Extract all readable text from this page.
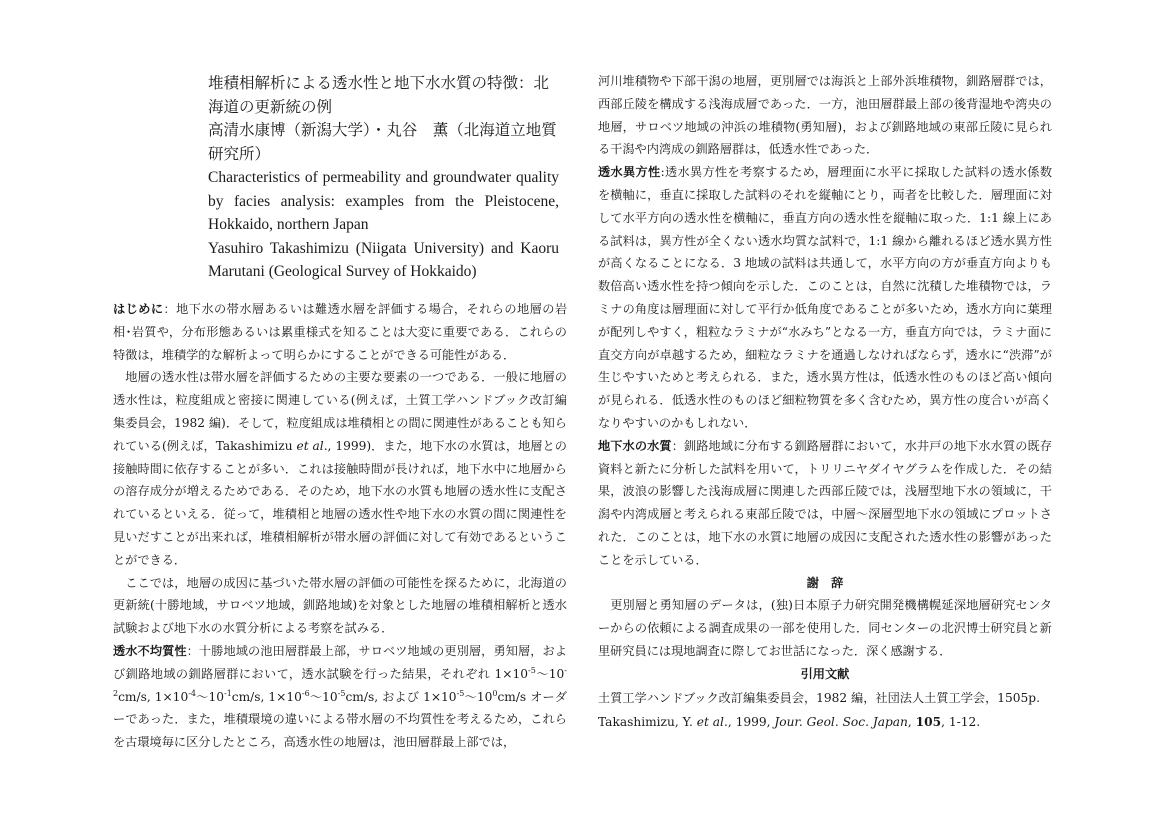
堆積相解析による透水性と地下水水質の特徴：北海道の更新統の例

高清水康博（新潟大学）・丸谷　薫（北海道立地質研究所）

Characteristics of permeability and groundwater quality by facies analysis: examples from the Pleistocene, Hokkaido, northern Japan

Yasuhiro Takashimizu (Niigata University) and Kaoru Marutani (Geological Survey of Hokkaido)

はじめに：地下水の帯水層あるいは難透水層を評価する場合，それらの地層の岩相･岩質や，分布形態あるいは累重様式を知ることは大変に重要である．これらの特徴は，堆積学的な解析よって明らかにすることができる可能性がある．

地層の透水性は帯水層を評価するための主要な要素の一つである．一般に地層の透水性は，粒度組成と密接に関連している(例えば，土質工学ハンドブック改訂編集委員会，1982 編)．そして，粒度組成は堆積相との間に関連性があることも知られている(例えば，Takashimizu et al., 1999)．また，地下水の水質は，地層との接触時間に依存することが多い．これは接触時間が長ければ，地下水中に地層からの溶存成分が増えるためである．そのため，地下水の水質も地層の透水性に支配されているといえる．従って，堆積相と地層の透水性や地下水の水質の間に関連性を見いだすことが出来れば，堆積相解析が帯水層の評価に対して有効であるということができる．

ここでは，地層の成因に基づいた帯水層の評価の可能性を探るために，北海道の更新統(十勝地域，サロベツ地域，釧路地域)を対象とした地層の堆積相解析と透水試験および地下水の水質分析による考察を試みる．

透水不均質性：十勝地域の池田層群最上部，サロベツ地域の更別層，勇知層，および釧路地域の釧路層群において，透水試験を行った結果，それぞれ $1\times 10^{-5}$〜$10^{-2}cm/s$, $1\times 10^{-4}$〜$10^{-1}cm/s$, $1\times 10^{-6}$〜$10^{-5}cm/s$, および $1\times 10^{-5}$〜$10^0cm/s$ オーダーであった．また，堆積環境の違いによる帯水層の不均質性を考えるため，これらを古環境毎に区分したところ，高透水性の地層は，池田層群最上部では，

河川堆積物や下部干潟の地層，更別層では海浜と上部外浜堆積物，釧路層群では，西部丘陵を構成する浅海成層であった．一方，池田層群最上部の後背湿地や湾央の地層，サロベツ地域の沖浜の堆積物(勇知層)，および釧路地域の東部丘陵に見られる干潟や内湾成の釧路層群は，低透水性であった．

透水異方性:透水異方性を考察するため，層理面に水平に採取した試料の透水係数を横軸に，垂直に採取した試料のそれを縦軸にとり，両者を比較した．層理面に対して水平方向の透水性を横軸に，垂直方向の透水性を縦軸に取った．1:1 線上にある試料は，異方性が全くない透水均質な試料で，1:1 線から離れるほど透水異方性が高くなることになる．3 地域の試料は共通して，水平方向の方が垂直方向よりも数倍高い透水性を持つ傾向を示した．このことは，自然に沈積した堆積物では，ラミナの角度は層理面に対して平行か低角度であることが多いため，透水方向に葉理が配列しやすく，粗粒なラミナが“水みち”となる一方，垂直方向では，ラミナ面に直交方向が卓越するため，細粒なラミナを通過しなければならず，透水に“渋滞”が生じやすいためと考えられる．また，透水異方性は，低透水性のものほど高い傾向が見られる．低透水性のものほど細粒物質を多く含むため，異方性の度合いが高くなりやすいのかもしれない．

地下水の水質：釧路地域に分布する釧路層群において，水井戸の地下水水質の既存資料と新たに分析した試料を用いて，トリリニヤダイヤグラムを作成した．その結果，波浪の影響した浅海成層に関連した西部丘陵では，浅層型地下水の領域に，干潟や内湾成層と考えられる東部丘陵では，中層～深層型地下水の領域にプロットされた．このことは，地下水の水質に地層の成因に支配された透水性の影響があったことを示している．

謝　辞

更別層と勇知層のデータは，(独)日本原子力研究開発機構幌延深地層研究センターからの依頼による調査成果の一部を使用した．同センターの北沢博士研究員と新里研究員には現地調査に際してお世話になった．深く感謝する．

引用文献

土質工学ハンドブック改訂編集委員会，1982 編，社団法人土質工学会，1505p.

Takashimizu, Y. et al., 1999, Jour. Geol. Soc. Japan, 105, 1-12.
